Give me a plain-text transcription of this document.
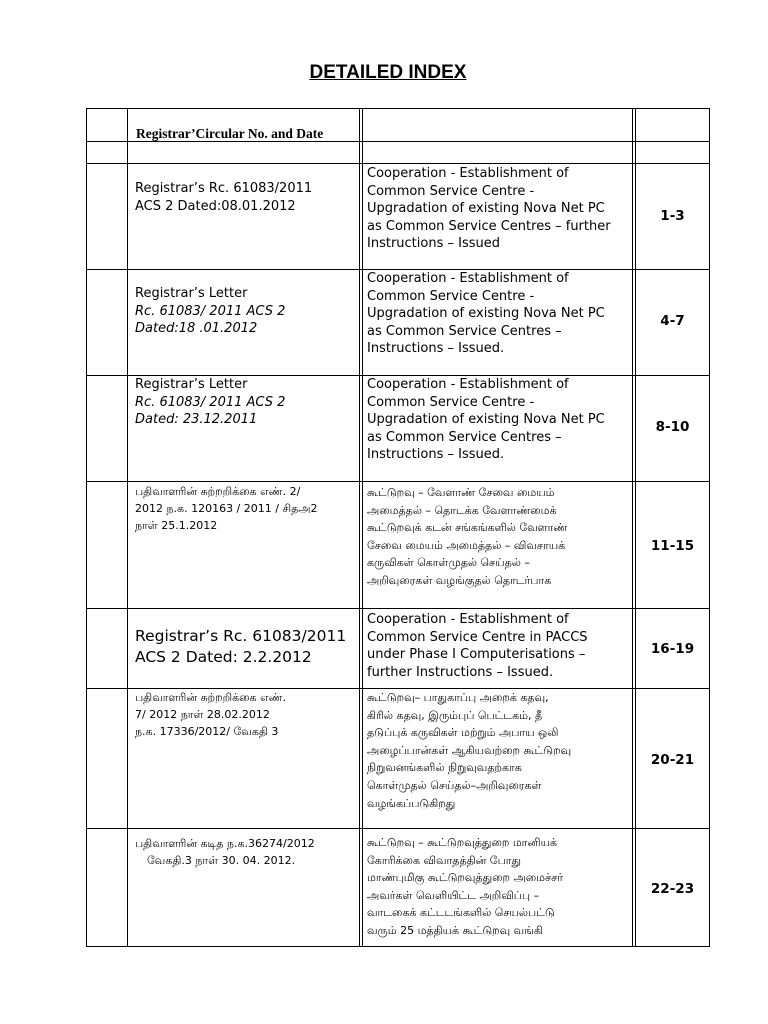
DETAILED INDEX
Registrar’Circular No. and Date
Registrar’s Rc. 61083/2011
ACS 2 Dated:08.01.2012
Cooperation - Establishment of
Common Service Centre -
Upgradation of existing Nova Net PC
as Common Service Centres – further
Instructions – Issued
1-3
Registrar’s Letter
Rc. 61083/ 2011 ACS 2
Dated:18 .01.2012
Cooperation - Establishment of
Common Service Centre -
Upgradation of existing Nova Net PC
as Common Service Centres –
Instructions – Issued.
4-7
Registrar’s Letter
Rc. 61083/ 2011 ACS 2
Dated: 23.12.2011
Cooperation - Establishment of
Common Service Centre -
Upgradation of existing Nova Net PC
as Common Service Centres –
Instructions – Issued.
8-10
பதிவாளரின் சுற்றறிக்கை எண். 2/
2012 ந.க. 120163 / 2011 / சிதஅ2
நாள் 25.1.2012
கூட்டுறவு – வேளாண் சேவை மையம்
அமைத்தல் – தொடக்க வேளாண்மைக்
கூட்டுறவுக் கடன் சங்கங்களில் வேளாண்
சேவை மையம் அமைத்தல் – விவசாயக்
கருவிகள் கொள்முதல் செய்தல் –
அறிவுரைகள் வழங்குதல் தொடர்பாக
11-15
Registrar’s Rc. 61083/2011
ACS 2 Dated: 2.2.2012
Cooperation - Establishment of
Common Service Centre in PACCS
under Phase I Computerisations –
further Instructions – Issued.
16-19
பதிவாளரின் சுற்றறிக்கை எண்.
7/ 2012 நாள் 28.02.2012
ந.க. 17336/2012/ வேகதி 3
கூட்டுறவு– பாதுகாப்பு அறைக் கதவு,
கிரில் கதவு, இரும்புப் பெட்டகம், தீ
தடுப்புக் கருவிகள் மற்றும் அபாய ஒலி
அழைப்பான்கள் ஆகியவற்றை கூட்டுறவு
நிறுவனங்களில் நிறுவுவதற்காக
கொள்முதல் செய்தல்–அறிவுரைகள்
வழங்கப்படுகிறது
20-21
பதிவாளரின் கடித ந.க.36274/2012
வேகதி.3 நாள் 30. 04. 2012.
கூட்டுறவு – கூட்டுறவுத்துறை மானியக்
கோரிக்கை விவாதத்தின் போது
மாண்புமிகு கூட்டுறவுத்துறை அமைச்சர்
அவர்கள் வெளியிட்ட அறிவிப்பு –
வாடகைக் கட்டடங்களில் செயல்பட்டு
வரும் 25 மத்தியக் கூட்டுறவு வங்கி
22-23
